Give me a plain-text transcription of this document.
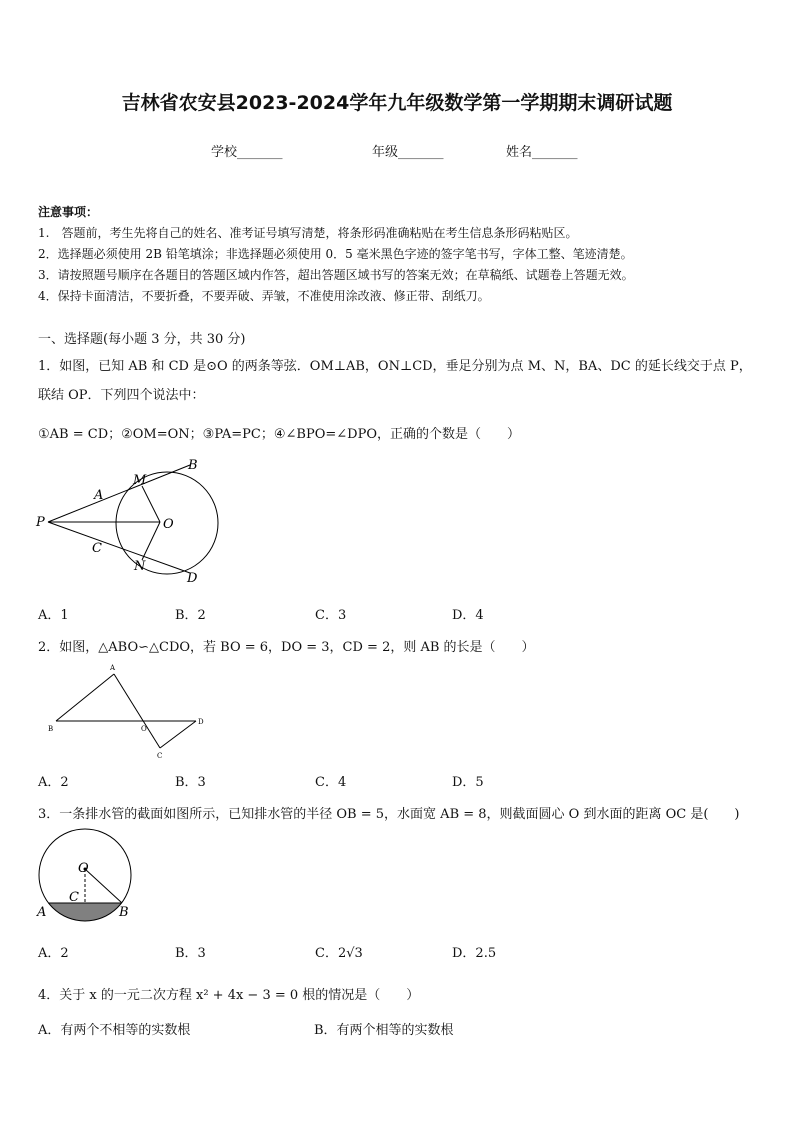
吉林省农安县2023-2024学年九年级数学第一学期期末调研试题
学校_______	年级_______	姓名_______
注意事项：
1.　答题前，考生先将自己的姓名、准考证号填写清楚，将条形码准确粘贴在考生信息条形码粘贴区。
2．选择题必须使用 2B 铅笔填涂；非选择题必须使用 0．5 毫米黑色字迹的签字笔书写，字体工整、笔迹清楚。
3．请按照题号顺序在各题目的答题区域内作答，超出答题区域书写的答案无效；在草稿纸、试题卷上答题无效。
4．保持卡面清洁，不要折叠，不要弄破、弄皱，不准使用涂改液、修正带、刮纸刀。
一、选择题(每小题 3 分，共 30 分)
1．如图，已知 AB 和 CD 是⊙O 的两条等弦．OM⊥AB，ON⊥CD，垂足分别为点 M、N，BA、DC 的延长线交于点 P，
联结 OP．下列四个说法中：
①AB = CD；②OM=ON；③PA=PC；④∠BPO=∠DPO，正确的个数是（　　）
P
A
M
B
O
C
N
D
A．1	B．2	C．3	D．4
2．如图，△ABO∽△CDO，若 BO = 6，DO = 3，CD = 2，则 AB 的长是（　　）
A
B	O
D
C
A．2	B．3	C．4	D．5
3．一条排水管的截面如图所示，已知排水管的半径 OB = 5，水面宽 AB = 8，则截面圆心 O 到水面的距离 OC 是(　　)
O
C
A	B
A．2	B．3	C．2√3	D．2.5
4．关于 x 的一元二次方程 x² + 4x − 3 = 0 根的情况是（　　）
A．有两个不相等的实数根	B．有两个相等的实数根
